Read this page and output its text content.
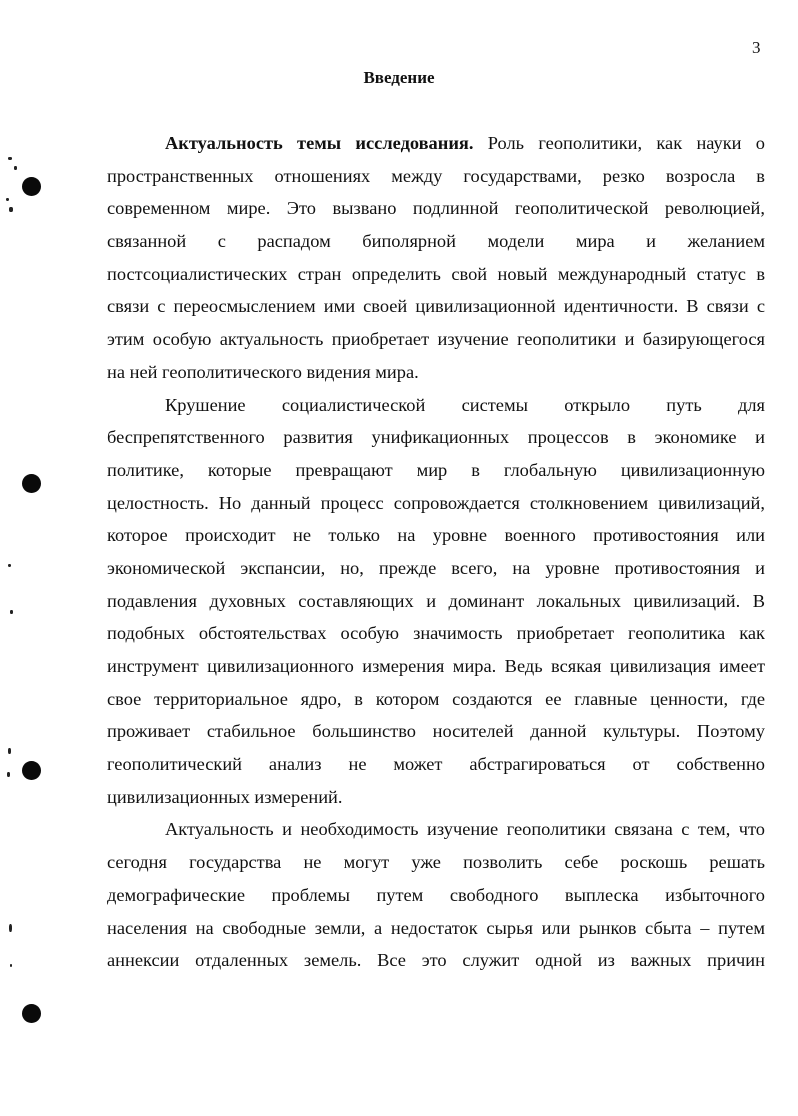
3
Введение
Актуальность темы исследования. Роль геополитики, как науки о
пространственных отношениях между государствами, резко возросла в
современном мире. Это вызвано подлинной геополитической революцией,
связанной с распадом биполярной модели мира и желанием
постсоциалистических стран определить свой новый международный статус в
связи с переосмыслением ими своей цивилизационной идентичности. В связи с
этим особую актуальность приобретает изучение геополитики и базирующегося
на ней геополитического видения мира.
Крушение социалистической системы открыло путь для
беспрепятственного развития унификационных процессов в экономике и
политике, которые превращают мир в глобальную цивилизационную
целостность. Но данный процесс сопровождается столкновением цивилизаций,
которое происходит не только на уровне военного противостояния или
экономической экспансии, но, прежде всего, на уровне противостояния и
подавления духовных составляющих и доминант локальных цивилизаций. В
подобных обстоятельствах особую значимость приобретает геополитика как
инструмент цивилизационного измерения мира. Ведь всякая цивилизация имеет
свое территориальное ядро, в котором создаются ее главные ценности, где
проживает стабильное большинство носителей данной культуры. Поэтому
геополитический анализ не может абстрагироваться от собственно
цивилизационных измерений.
Актуальность и необходимость изучение геополитики связана с тем, что
сегодня государства не могут уже позволить себе роскошь решать
демографические проблемы путем свободного выплеска избыточного
населения на свободные земли, а недостаток сырья или рынков сбыта – путем
аннексии отдаленных земель. Все это служит одной из важных причин
